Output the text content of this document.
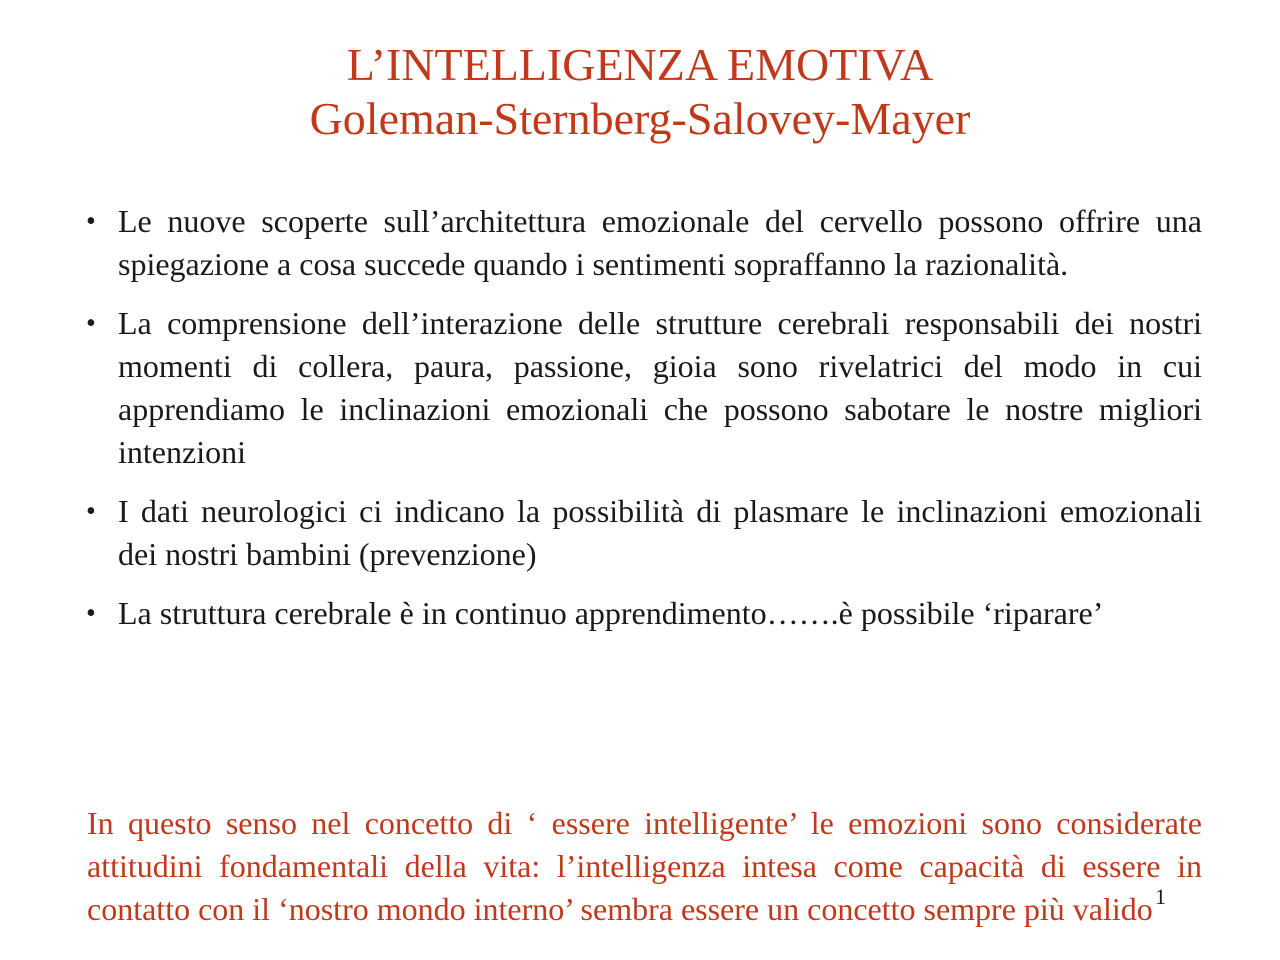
L’INTELLIGENZA EMOTIVA
Goleman-Sternberg-Salovey-Mayer
• Le nuove scoperte sull’architettura emozionale del cervello possono offrire una spiegazione a cosa succede quando i sentimenti sopraffanno la razionalità.
• La comprensione dell’interazione delle strutture cerebrali responsabili dei nostri momenti di collera, paura, passione, gioia sono rivelatrici del modo in cui apprendiamo le inclinazioni emozionali che possono sabotare le nostre migliori intenzioni
• I dati neurologici ci indicano la possibilità di plasmare le inclinazioni emozionali dei nostri bambini (prevenzione)
• La struttura cerebrale è in continuo apprendimento…….è possibile ‘riparare’
In questo senso nel concetto di ‘ essere intelligente’ le emozioni sono considerate attitudini fondamentali della vita: l’intelligenza intesa come capacità di essere in contatto con il ‘nostro mondo interno’ sembra essere un concetto sempre più valido 1
